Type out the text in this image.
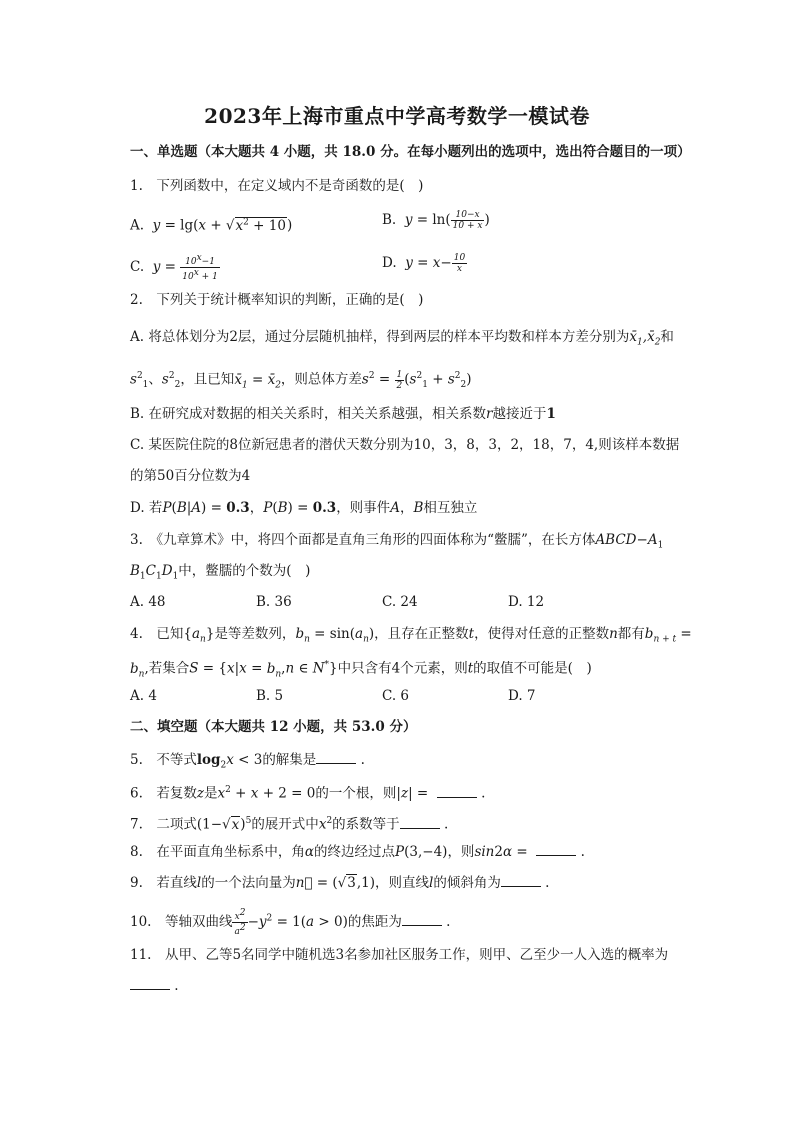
2023年上海市重点中学高考数学一模试卷
一、单选题（本大题共 4 小题，共 18.0 分。在每小题列出的选项中，选出符合题目的一项）
1.　下列函数中，在定义域内不是奇函数的是(　)
A. $y = \lg(x + √x^2 + 10)$	B. $y = \ln( \frac{10-x}{10 + x}$ )
C. $y = \frac{10^x-1}{10^x + 1}$	D. $y = x- \frac{10}{x}$
2.　下列关于统计概率知识的判断，正确的是(　)
A. 将总体划分为2层，通过分层随机抽样，得到两层的样本平均数和样本方差分别为$x̄_1,x̄_2$和
$s^2_1$、$s^2_2$，且已知$x̄_1$ = $x̄_2$，则总体方差$s^2 = \frac{1}{2} (s^2_1 + s^2_2)$
B. 在研究成对数据的相关关系时，相关关系越强，相关系数r越接近于1
C. 某医院住院的8位新冠患者的潜伏天数分别为10，3，8，3，2，18，7，4,则该样本数据
的第50百分位数为4
D. 若P(B|A) = 0.3，P(B) = 0.3，则事件A，B相互独立
3.　《九章算术》中，将四个面都是直角三角形的四面体称为“鳖臑”，在长方体$ABCD-A_1$
$B_1C_1D_1$中，鳖臑的个数为(　)
A. 48	B. 36	C. 24	D. 12
4.　已知$\{a_n\}$是等差数列，$b_n = \sin(a_n)$，且存在正整数t，使得对任意的正整数n都有$b_{n + t}$ =
$b_n$,若集合$S = \{x|x = b_n,n$ ∈ N*}中只含有4个元素，则t的取值不可能是(　)
A. 4	B. 5	C. 6	D. 7
二、填空题（本大题共 12 小题，共 53.0 分）
5.　不等式$\log_2x < 3$的解集是	.
6.　若复数z是$x^2 + x + 2 = 0$的一个根，则|z| =	.
7.　二项式$(1-√x)^5$的展开式中$x^2$的系数等于	.
8.　在平面直角坐标系中，角α的终边经过点P(3,−4)，则sin2α =	.
9.　若直线l的一个法向量为n⃗ = (√3,1)，则直线l的倾斜角为	.
10.　等轴双曲线 $\frac{x^2}{a^2} -y^2 = 1(a > 0)$的焦距为	.
11.　从甲、乙等5名同学中随机选3名参加社区服务工作，则甲、乙至少一人入选的概率为
.
